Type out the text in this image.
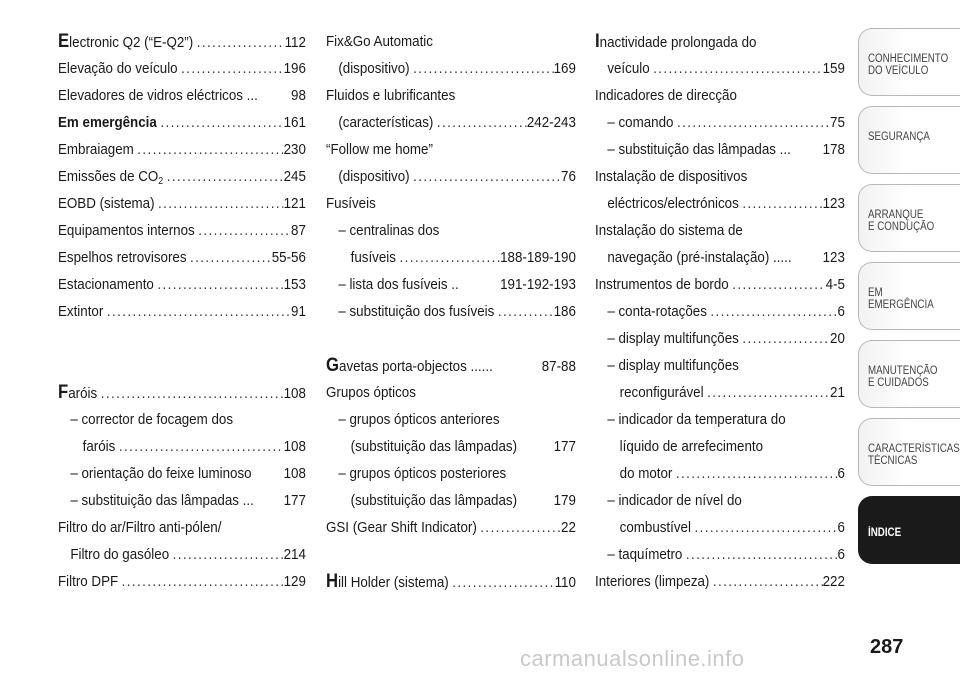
Electronic Q2 (“E-Q2”) .....	112
Elevação do veículo .....	196
Elevadores de vidros eléctricos ... 98
Em emergência .....	161
Embraiagem .....	230
Emissões de $CO_2$ .....	245
EOBD (sistema) .....	121
Equipamentos internos .....	87
Espelhos retrovisores .....	55-56
Estacionamento .....	153
Extintor .....	91
Faróis .....	108
– corrector de focagem dos
faróis .....	108
– orientação do feixe luminoso 108
– substituição das lâmpadas ... 177
Filtro do ar/Filtro anti-pólen/
Filtro do gasóleo .....	214
Filtro DPF .....	129
Fix&Go Automatic
(dispositivo) .....	169
Fluidos e lubrificantes
(características) .....	242-243
“Follow me home”
(dispositivo) .....	76
Fusíveis
– centralinas dos
fusíveis .....	188-189-190
– lista dos fusíveis ..	191-192-193
– substituição dos fusíveis .....	186
Gavetas porta-objectos ......	87-88
Grupos ópticos
– grupos ópticos anteriores
(substituição das lâmpadas) 177
– grupos ópticos posteriores
(substituição das lâmpadas) 179
GSI (Gear Shift Indicator) .....	22
Hill Holder (sistema) .....	110
Inactividade prolongada do
veículo .....	159
Indicadores de direcção
– comando .....	75
– substituição das lâmpadas ... 178
Instalação de dispositivos
eléctricos/electrónicos .....	123
Instalação do sistema de
navegação (pré-instalação) ..... 123
Instrumentos de bordo .....	4-5
– conta-rotações .....	6
– display multifunções .....	20
– display multifunções
reconfigurável .....	21
– indicador da temperatura do
líquido de arrefecimento
do motor .....	6
– indicador de nível do
combustível .....	6
– taquímetro .....	6
Interiores (limpeza) .....	222
CONHECIMENTO
DO VEÍCULO
SEGURANÇA
ARRANQUE
E CONDUÇÃO
EM EMERGÊNCIA
MANUTENÇÃO
E CUIDADOS
CARACTERÍSTICAS
TÉCNICAS
ÍNDICE
287
carmanualsonline.info
